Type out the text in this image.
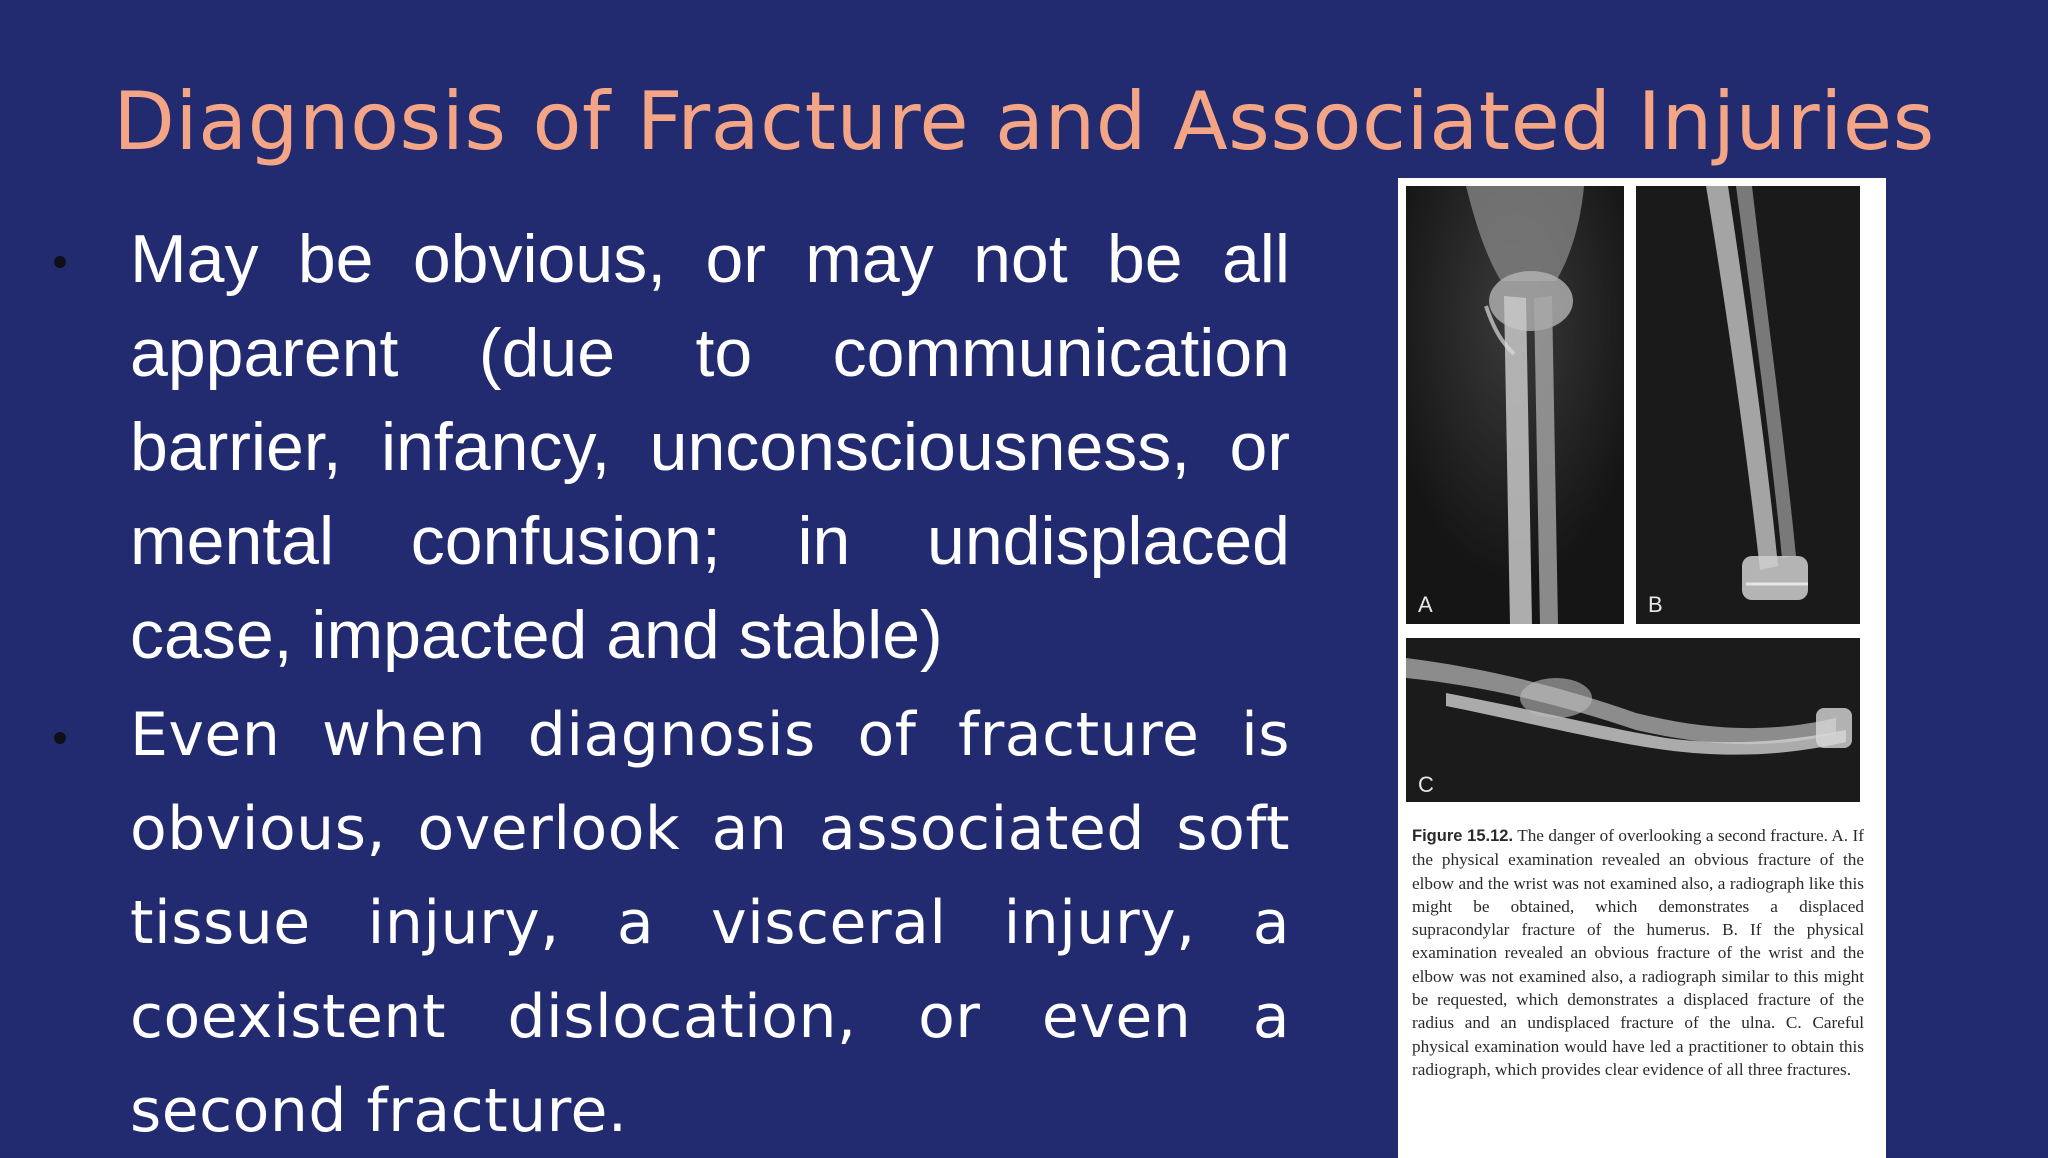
Diagnosis of Fracture and Associated Injuries
May be obvious, or may not be all apparent (due to communication barrier, infancy, unconsciousness, or mental confusion; in undisplaced case, impacted and stable)
Even when diagnosis of fracture is obvious, overlook an associated soft tissue injury, a visceral injury, a coexistent dislocation, or even a second fracture.
A	B
C

Figure 15.12. The danger of overlooking a second fracture. A. If the physical examination revealed an obvious fracture of the elbow and the wrist was not examined also, a radiograph like this might be obtained, which demonstrates a displaced supracondylar fracture of the humerus. B. If the physical examination revealed an obvious fracture of the wrist and the elbow was not examined also, a radiograph similar to this might be requested, which demonstrates a displaced fracture of the radius and an undisplaced fracture of the ulna. C. Careful physical examination would have led a practitioner to obtain this radiograph, which provides clear evidence of all three fractures.
